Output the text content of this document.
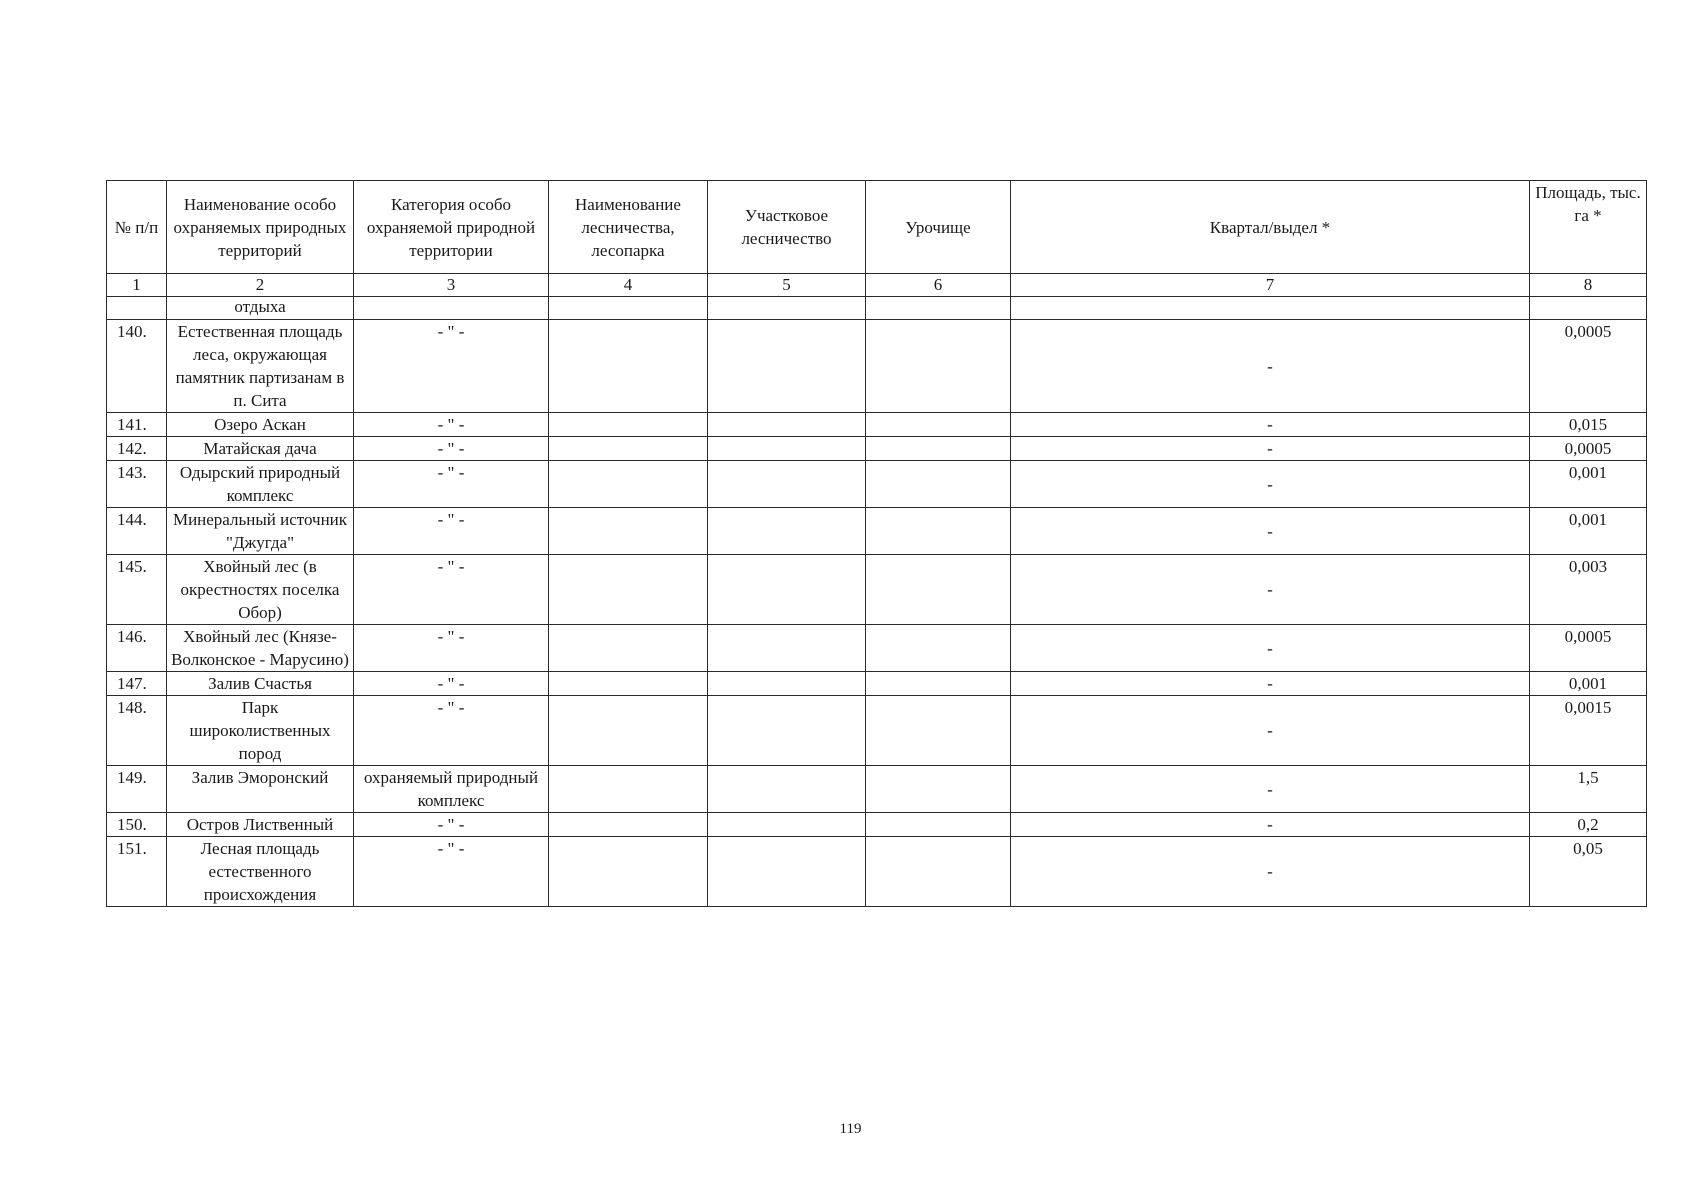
№ п/п	Наименование особо охраняемых природных территорий	Категория особо охраняемой природной территории	Наименование лесничества, лесопарка	Участковое лесничество	Урочище	Квартал/выдел *	Площадь, тыс. га *
1	2	3	4	5	6	7	8
	отдыха						
140.	Естественная площадь леса, окружающая памятник партизанам в п. Сита	- " -				-	0,0005
141.	Озеро Аскан	- " -				-	0,015
142.	Матайская дача	- " -				-	0,0005
143.	Одырский природный комплекс	- " -				-	0,001
144.	Минеральный источник "Джугда"	- " -				-	0,001
145.	Хвойный лес (в окрестностях поселка Обор)	- " -				-	0,003
146.	Хвойный лес (Князе-Волконское - Марусино)	- " -				-	0,0005
147.	Залив Счастья	- " -				-	0,001
148.	Парк широколиственных пород	- " -				-	0,0015
149.	Залив Эморонский	охраняемый природный комплекс				-	1,5
150.	Остров Лиственный	- " -				-	0,2
151.	Лесная площадь естественного происхождения	- " -				-	0,05
119
